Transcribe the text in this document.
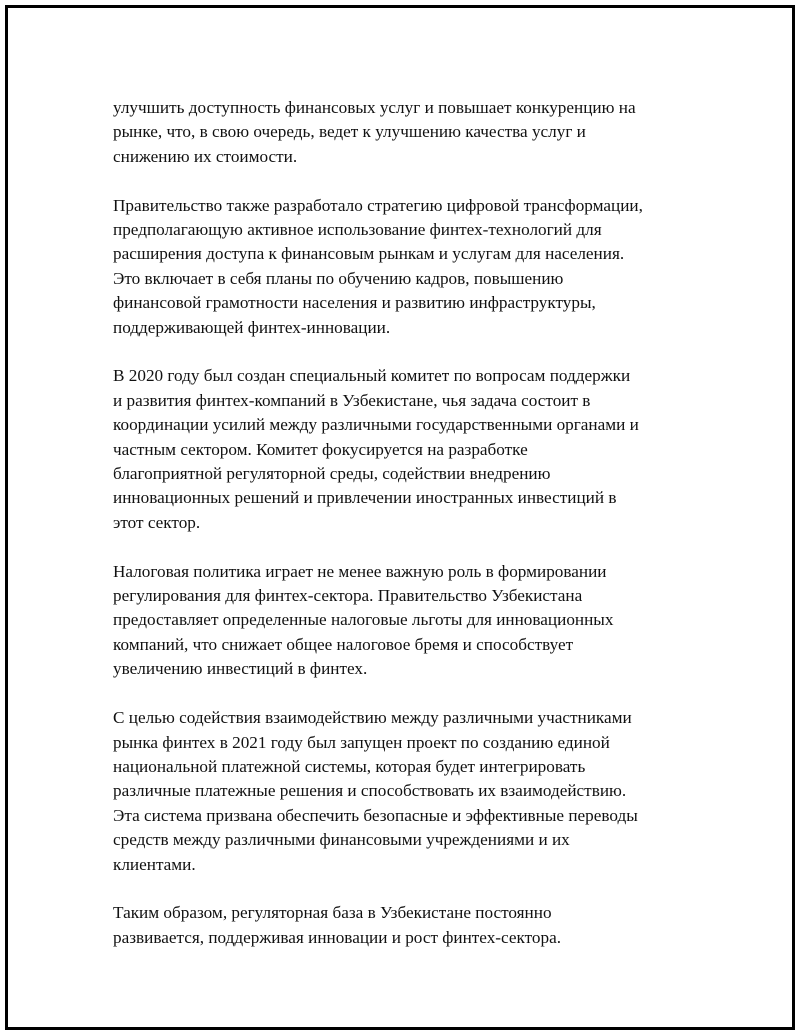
улучшить доступность финансовых услуг и повышает конкуренцию на
рынке, что, в свою очередь, ведет к улучшению качества услуг и
снижению их стоимости.

Правительство также разработало стратегию цифровой трансформации,
предполагающую активное использование финтех-технологий для
расширения доступа к финансовым рынкам и услугам для населения.
Это включает в себя планы по обучению кадров, повышению
финансовой грамотности населения и развитию инфраструктуры,
поддерживающей финтех-инновации.

В 2020 году был создан специальный комитет по вопросам поддержки
и развития финтех-компаний в Узбекистане, чья задача состоит в
координации усилий между различными государственными органами и
частным сектором. Комитет фокусируется на разработке
благоприятной регуляторной среды, содействии внедрению
инновационных решений и привлечении иностранных инвестиций в
этот сектор.

Налоговая политика играет не менее важную роль в формировании
регулирования для финтех-сектора. Правительство Узбекистана
предоставляет определенные налоговые льготы для инновационных
компаний, что снижает общее налоговое бремя и способствует
увеличению инвестиций в финтех.

С целью содействия взаимодействию между различными участниками
рынка финтех в 2021 году был запущен проект по созданию единой
национальной платежной системы, которая будет интегрировать
различные платежные решения и способствовать их взаимодействию.
Эта система призвана обеспечить безопасные и эффективные переводы
средств между различными финансовыми учреждениями и их
клиентами.

Таким образом, регуляторная база в Узбекистане постоянно
развивается, поддерживая инновации и рост финтех-сектора.
